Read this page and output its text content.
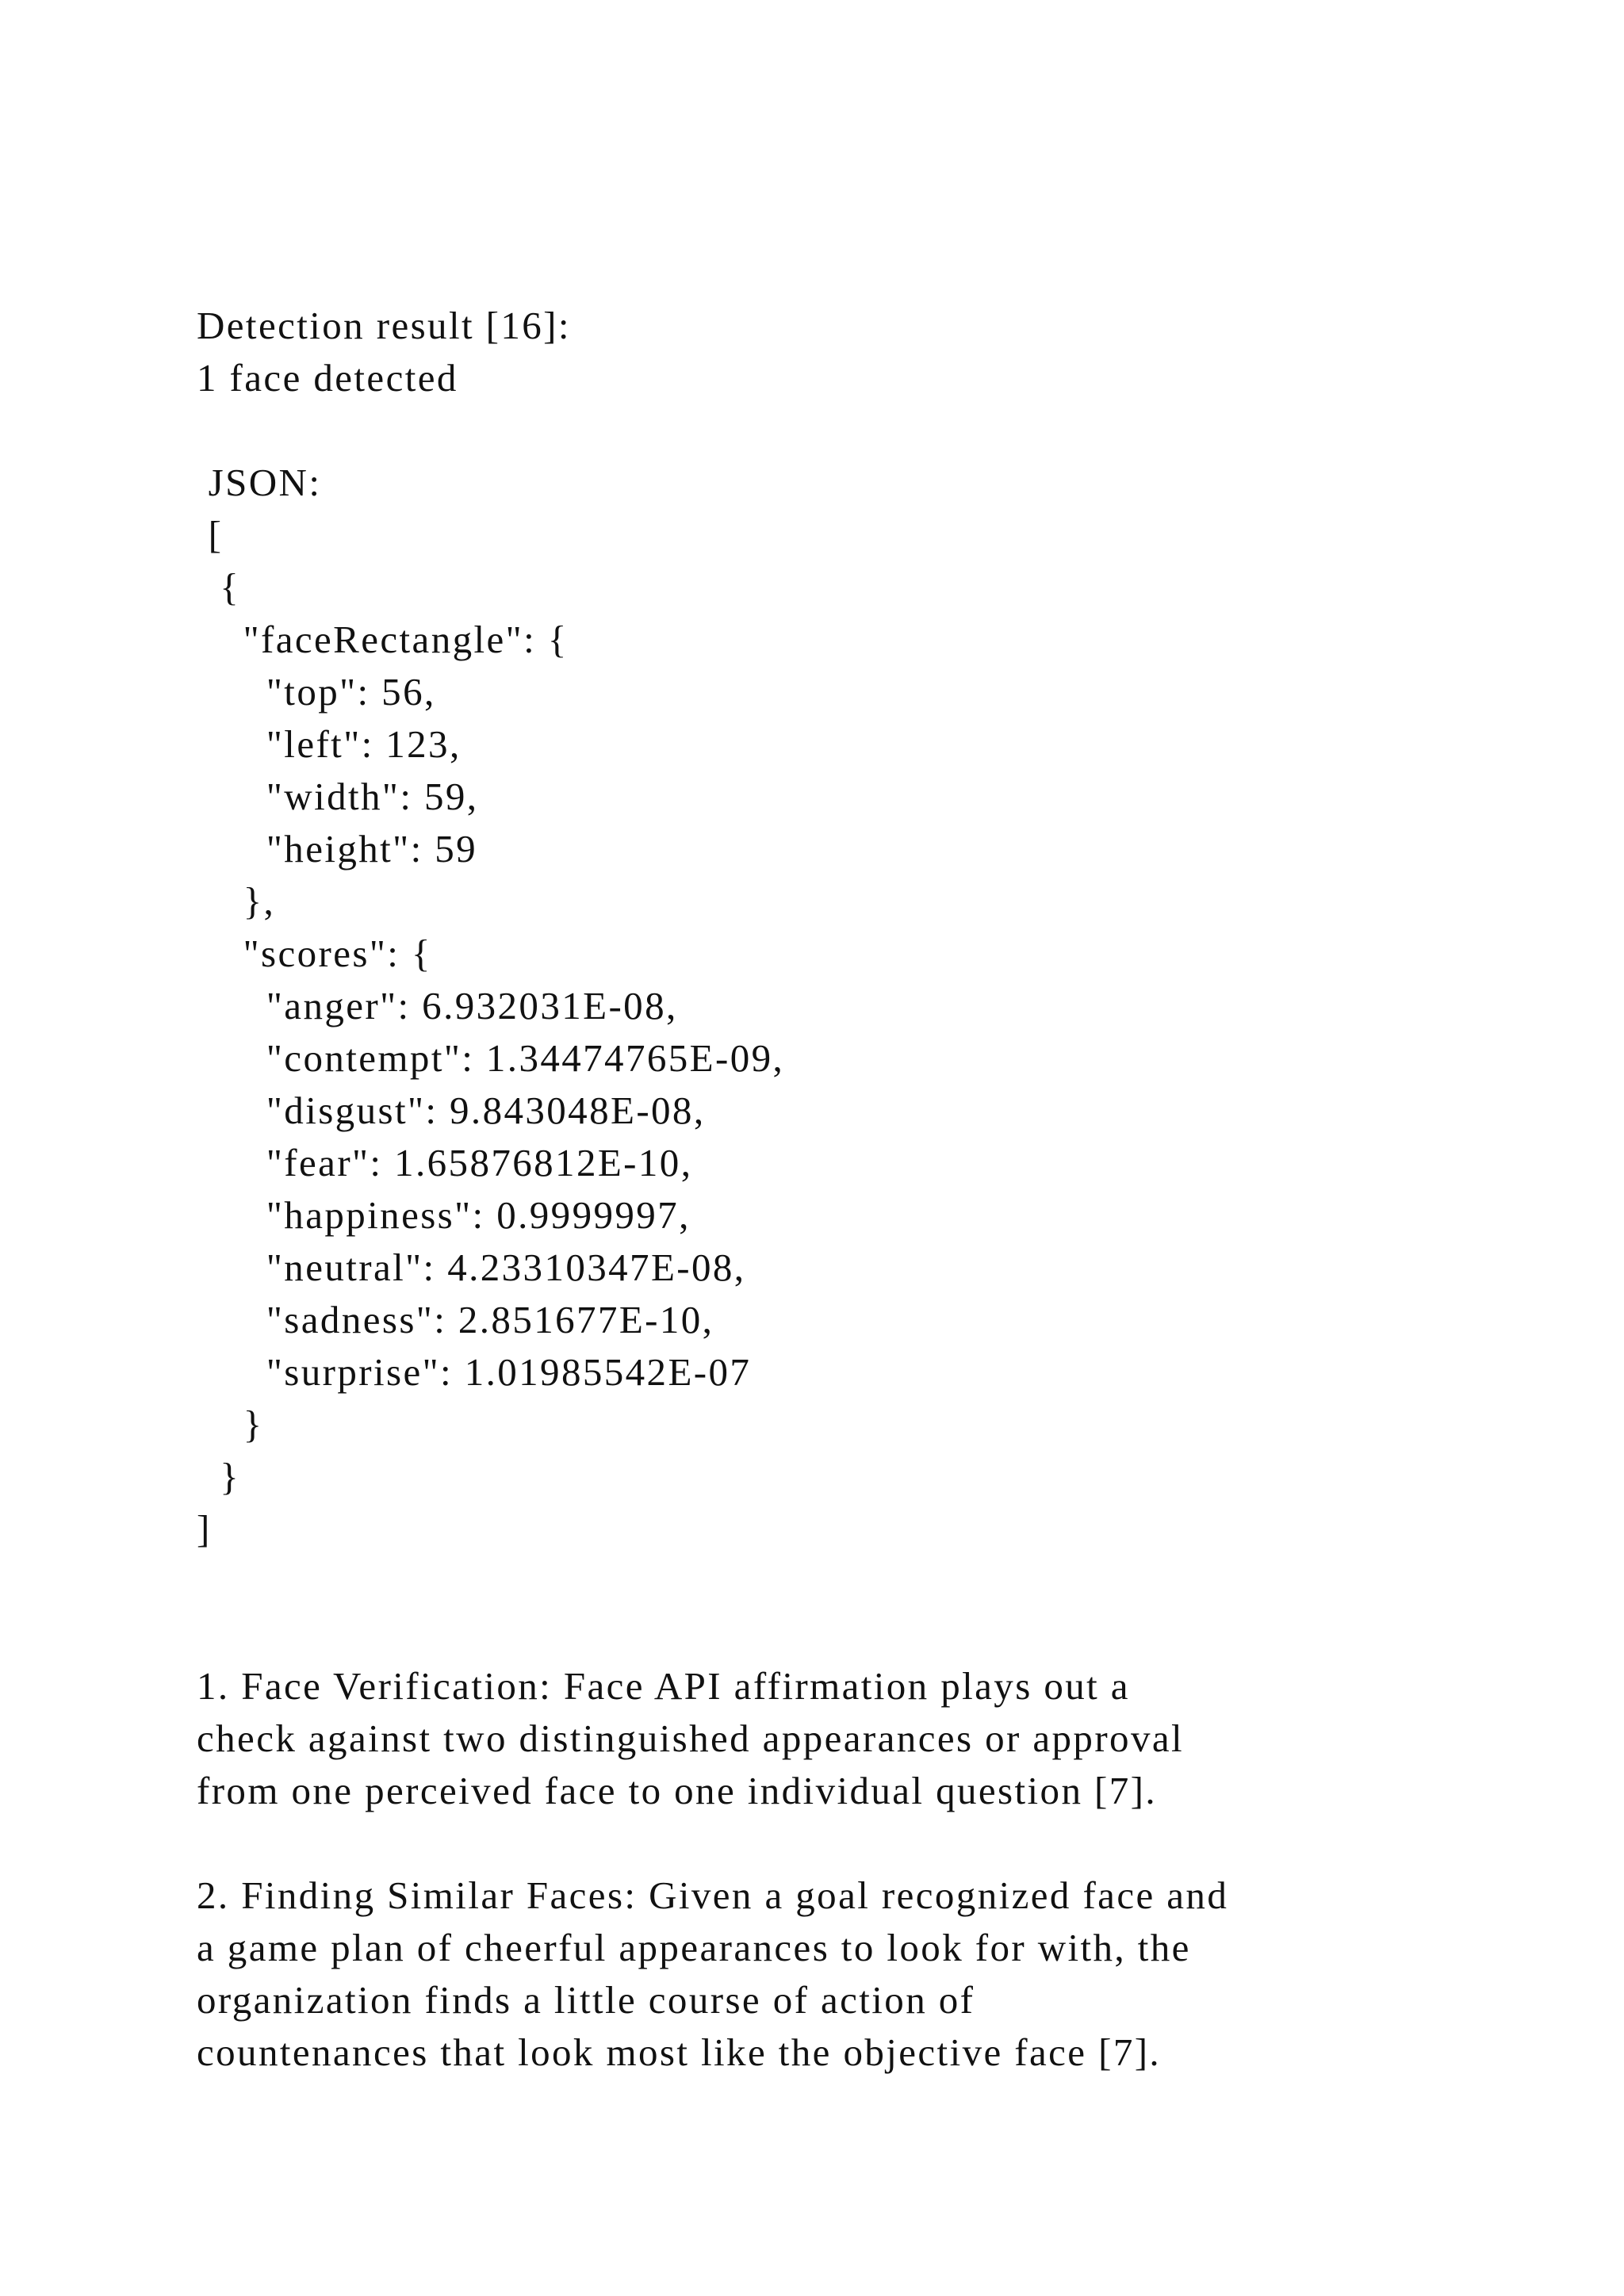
Detection result [16]:
1 face detected
JSON:
[
{
"faceRectangle": {
"top": 56,
"left": 123,
"width": 59,
"height": 59
},
"scores": {
"anger": 6.932031E-08,
"contempt": 1.34474765E-09,
"disgust": 9.843048E-08,
"fear": 1.65876812E-10,
"happiness": 0.9999997,
"neutral": 4.23310347E-08,
"sadness": 2.851677E-10,
"surprise": 1.01985542E-07
}
}
]
1. Face Verification: Face API affirmation plays out a
check against two distinguished appearances or approval
from one perceived face to one individual question [7].
2. Finding Similar Faces: Given a goal recognized face and
a game plan of cheerful appearances to look for with, the
organization finds a little course of action of
countenances that look most like the objective face [7].
